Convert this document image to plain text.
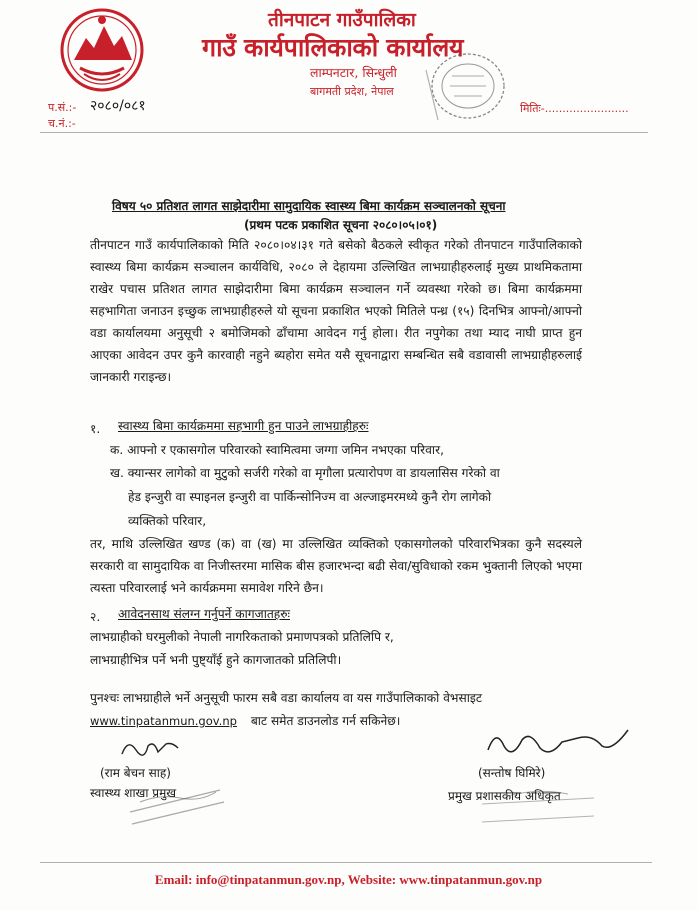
तीनपाटन गाउँपालिका
गाउँ कार्यपालिकाको कार्यालय
लाम्पनटार, सिन्धुली
बागमती प्रदेश, नेपाल
प.सं.:- २०८०/०८१
च.नं.:-
मितिः-........................
विषय ५० प्रतिशत लागत साझेदारीमा सामुदायिक स्वास्थ्य बिमा कार्यक्रम सञ्चालनको सूचना
(प्रथम पटक प्रकाशित सूचना २०८०।०५।०१)
तीनपाटन गाउँ कार्यपालिकाको मिति २०८०।०४।३१ गते बसेको बैठकले स्वीकृत गरेको तीनपाटन गाउँपालिकाको स्वास्थ्य बिमा कार्यक्रम सञ्चालन कार्यविधि, २०८० ले देहायमा उल्लिखित लाभग्राहीहरुलाई मुख्य प्राथमिकतामा राखेर पचास प्रतिशत लागत साझेदारीमा बिमा कार्यक्रम सञ्चालन गर्ने व्यवस्था गरेको छ। बिमा कार्यक्रममा सहभागिता जनाउन इच्छुक लाभग्राहीहरुले यो सूचना प्रकाशित भएको मितिले पन्ध्र (१५) दिनभित्र आफ्नो/आफ्नो वडा कार्यालयमा अनुसूची २ बमोजिमको ढाँचामा आवेदन गर्नु होला। रीत नपुगेका तथा म्याद नाघी प्राप्त हुन आएका आवेदन उपर कुनै कारवाही नहुने ब्यहोरा समेत यसै सूचनाद्वारा सम्बन्धित सबै वडावासी लाभग्राहीहरुलाई जानकारी गराइन्छ।
१. स्वास्थ्य बिमा कार्यक्रममा सहभागी हुन पाउने लाभग्राहीहरुः
क. आफ्नो र एकासगोल परिवारको स्वामित्वमा जग्गा जमिन नभएका परिवार,
ख. क्यान्सर लागेको वा मुटुको सर्जरी गरेको वा मृगौला प्रत्यारोपण वा डायलासिस गरेको वा
हेड इन्जुरी वा स्पाइनल इन्जुरी वा पार्किन्सोनिज्म वा अल्जाइमरमध्ये कुनै रोग लागेको
व्यक्तिको परिवार,
तर, माथि उल्लिखित खण्ड (क) वा (ख) मा उल्लिखित व्यक्तिको एकासगोलको परिवारभित्रका कुनै सदस्यले सरकारी वा सामुदायिक वा निजीस्तरमा मासिक बीस हजारभन्दा बढी सेवा/सुविधाको रकम भुक्तानी लिएको भएमा त्यस्ता परिवारलाई भने कार्यक्रममा समावेश गरिने छैन।
२. आवेदनसाथ संलग्न गर्नुपर्ने कागजातहरुः
लाभग्राहीको घरमुलीको नेपाली नागरिकताको प्रमाणपत्रको प्रतिलिपि र,
लाभग्राहीभित्र पर्ने भनी पुष्ट्याँई हुने कागजातको प्रतिलिपी।
पुनश्चः लाभग्राहीले भर्ने अनुसूची फारम सबै वडा कार्यालय वा यस गाउँपालिकाको वेभसाइट
www.tinpatanmun.gov.np बाट समेत डाउनलोड गर्न सकिनेछ।
(राम बेचन साह)
स्वास्थ्य शाखा प्रमुख
(सन्तोष घिमिरे)
प्रमुख प्रशासकीय अधिकृत
Email: info@tinpatanmun.gov.np, Website: www.tinpatanmun.gov.np
